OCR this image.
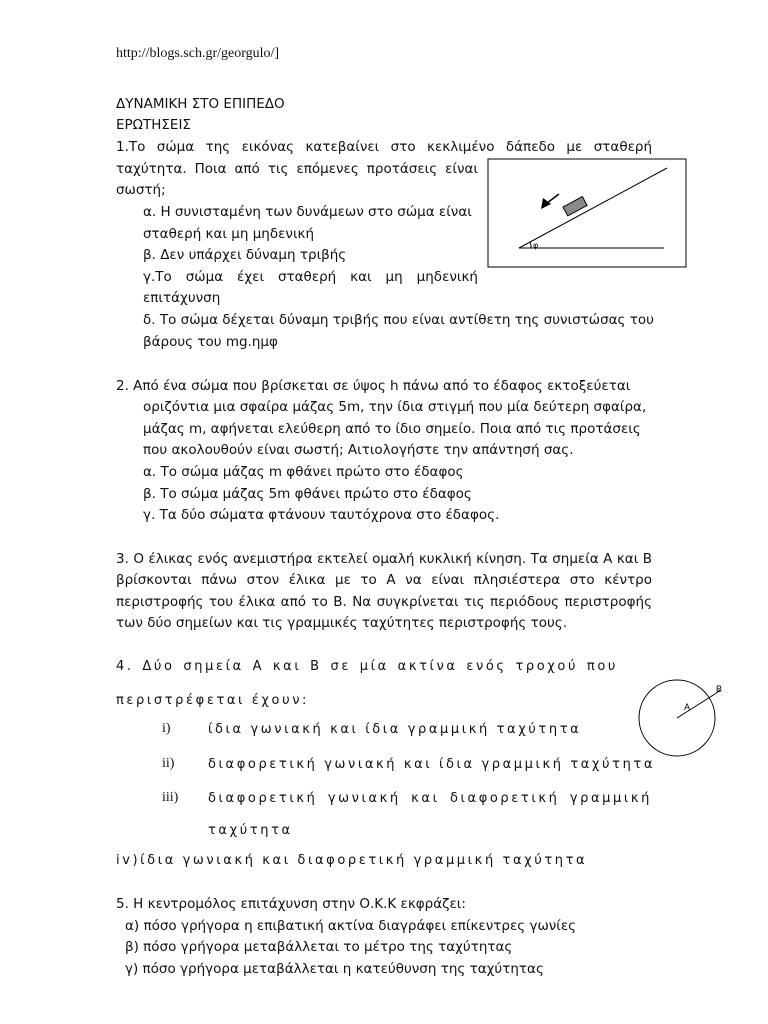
http://blogs.sch.gr/georgulo/]
ΔΥΝΑΜΙΚΗ ΣΤΟ ΕΠΙΠΕΔΟ
ΕΡΩΤΗΣΕΙΣ
1.Το σώμα της εικόνας κατεβαίνει στο κεκλιμένο δάπεδο με σταθερή
ταχύτητα. Ποια από τις επόμενες προτάσεις είναι
σωστή;
α. Η συνισταμένη των δυνάμεων στο σώμα είναι
σταθερή και μη μηδενική
β. Δεν υπάρχει δύναμη τριβής
γ.Το σώμα έχει σταθερή και μη μηδενική
επιτάχυνση
δ. Το σώμα δέχεται δύναμη τριβής που είναι αντίθετη της συνιστώσας του
βάρους του mg.ημφ
φ
2. Από ένα σώμα που βρίσκεται σε ύψος h πάνω από το έδαφος εκτοξεύεται
οριζόντια μια σφαίρα μάζας 5m, την ίδια στιγμή που μία δεύτερη σφαίρα,
μάζας m, αφήνεται ελεύθερη από το ίδιο σημείο. Ποια από τις προτάσεις
που ακολουθούν είναι σωστή; Αιτιολογήστε την απάντησή σας.
α. Το σώμα μάζας m φθάνει πρώτο στο έδαφος
β. Το σώμα μάζας 5m φθάνει πρώτο στο έδαφος
γ. Τα δύο σώματα φτάνουν ταυτόχρονα στο έδαφος.
3. Ο έλικας ενός ανεμιστήρα εκτελεί ομαλή κυκλική κίνηση. Τα σημεία Α και Β
βρίσκονται πάνω στον έλικα με το Α να είναι πλησιέστερα στο κέντρο
περιστροφής του έλικα από το Β. Να συγκρίνεται τις περιόδους περιστροφής
των δύο σημείων και τις γραμμικές ταχύτητες περιστροφής τους.
4. Δύο σημεία Α και Β σε μία ακτίνα ενός τροχού που
περιστρέφεται έχουν:
i)	ίδια γωνιακή και ίδια γραμμική ταχύτητα
ii)	διαφορετική γωνιακή και ίδια γραμμική ταχύτητα
iii) διαφορετική γωνιακή και διαφορετική γραμμική
ταχύτητα
iv)ίδια γωνιακή και διαφορετική γραμμική ταχύτητα
A
B
5. Η κεντρομόλος επιτάχυνση στην Ο.Κ.Κ εκφράζει:
α) πόσο γρήγορα η επιβατική ακτίνα διαγράφει επίκεντρες γωνίες
β) πόσο γρήγορα μεταβάλλεται το μέτρο της ταχύτητας
γ) πόσο γρήγορα μεταβάλλεται η κατεύθυνση της ταχύτητας
